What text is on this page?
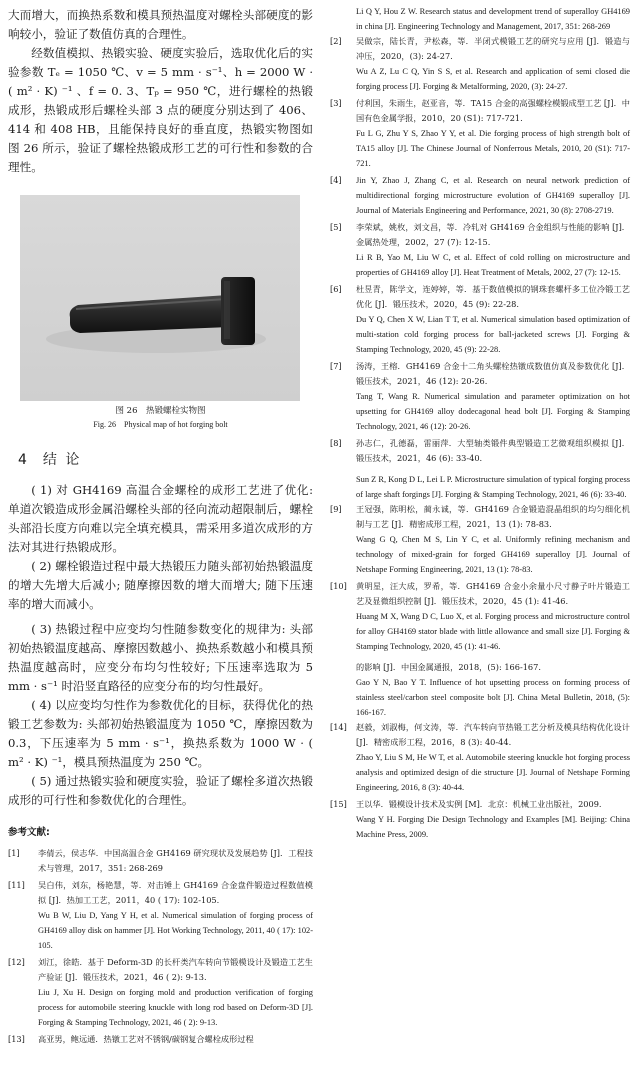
大而增大，而换热系数和模具预热温度对螺栓头部硬度的影响较小，验证了数值仿真的合理性。

经数值模拟、热锻实验、硬度实验后，选取优化后的实验参数 Tₑ = 1050 ℃、v = 5 mm · s⁻¹、h = 2000 W · ( m² · K) ⁻¹ 、f = 0. 3、Tₚ = 950 ℃，进行螺栓的热锻成形，热锻成形后螺栓头部 3 点的硬度分别达到了 406、414 和 408 HB，且能保持良好的垂直度，热锻实物图如图 26 所示，验证了螺栓热锻成形工艺的可行性和参数的合理性。

图 26　热锻螺栓实物图
Fig. 26　Physical map of hot forging bolt
4 结 论

( 1) 对 GH4169 高温合金螺栓的成形工艺进了优化: 单道次锻造成形金属沿螺栓头部的径向流动超限制后，螺栓头部沿长度方向难以完全填充模具，需采用多道次成形的方法对其进行热锻成形。

( 2) 螺栓锻造过程中最大热锻压力随头部初始热锻温度的增大先增大后减小; 随摩擦因数的增大而增大; 随下压速率的增大而减小。

( 3) 热锻过程中应变均匀性随参数变化的规律为: 头部初始热锻温度越高、摩擦因数越小、换热系数越小和模具预热温度越高时，应变分布均匀性较好; 下压速率选取为 5 mm · s⁻¹ 时沿竖直路径的应变分布的均匀性最好。

( 4) 以应变均匀性作为参数优化的目标，获得优化的热锻工艺参数为: 头部初始热锻温度为 1050 ℃，摩擦因数为 0.3，下压速率为 5 mm · s⁻¹，换热系数为 1000 W · ( m² · K) ⁻¹，模具预热温度为 250 ℃。

( 5) 通过热锻实验和硬度实验，验证了螺栓多道次热锻成形的可行性和参数优化的合理性。

参考文献:
[1] 李倩云，侯志华．中国高温合金 GH4169 研究现状及发展趋势 [J]．工程技术与管理，2017，351: 268-269

[11] 吴白伟，刘东，杨艳慧，等．对击锤上 GH4169 合金盘件锻造过程数值模拟 [J]．热加工工艺，2011，40 ( 17): 102-105.

Wu B W, Liu D, Yang Y H, et al. Numerical simulation of forging process of GH4169 alloy disk on hammer [J]. Hot Working Technology, 2011, 40 ( 17): 102-105.

[12] 刘江，徐皓．基于 Deform-3D 的长杆类汽车转向节锻模设计及锻造工艺生产验证 [J]．锻压技术，2021，46 ( 2): 9-13.

Liu J, Xu H. Design on forging mold and production verification of forging process for automobile steering knuckle with long rod based on Deform-3D [J]. Forging & Stamping Technology, 2021, 46 ( 2): 9-13.

[13] 高亚男，鲍远通．热镦工艺对不锈钢/碳钢复合螺栓成形过程

Li Q Y, Hou Z W. Research status and development trend of superalloy GH4169 in china [J]. Engineering Technology and Management, 2017, 351: 268-269

[2] 吴做宗，陆长青，尹松森，等．半闭式模锻工艺的研究与应用 [J]．锻造与冲压，2020，(3): 24-27.

Wu A Z, Lu C Q, Yin S S, et al. Research and application of semi closed die forging process [J]. Forging & Metalforming, 2020, (3): 24-27.

[3] 付利国，朱雨生，赵亚音，等．TA15 合金的高强螺栓模锻成型工艺 [J]．中国有色金属学报，2010，20 (S1): 717-721.

Fu L G, Zhu Y S, Zhao Y Y, et al. Die forging process of high strength bolt of TA15 alloy [J]. The Chinese Journal of Nonferrous Metals, 2010, 20 (S1): 717-721.

[4] Jin Y, Zhao J, Zhang C, et al. Research on neural network prediction of multidirectional forging microstructure evolution of GH4169 superalloy [J]. Journal of Materials Engineering and Performance, 2021, 30 (8): 2708-2719.

[5] 李荣斌，姚枚，刘文昌，等．冷轧对 GH4169 合金组织与性能的影响 [J]．金属热处理，2002，27 (7): 12-15.

Li R B, Yao M, Liu W C, et al. Effect of cold rolling on microstructure and properties of GH4169 alloy [J]. Heat Treatment of Metals, 2002, 27 (7): 12-15.

[6] 杜昱青，陈学文，连婷婷，等．基于数值模拟的钢珠套螺杆多工位冷锻工艺优化 [J]．锻压技术，2020，45 (9): 22-28.

Du Y Q, Chen X W, Lian T T, et al. Numerical simulation based optimization of multi-station cold forging process for ball-jacketed screws [J]. Forging & Stamping Technology, 2020, 45 (9): 22-28.

[7] 汤涛，王榕．GH4169 合金十二角头螺栓热镦成数值仿真及参数优化 [J]．锻压技术，2021，46 (12): 20-26.

Tang T, Wang R. Numerical simulation and parameter optimization on hot upsetting for GH4169 alloy dodecagonal head bolt [J]. Forging & Stamping Technology, 2021, 46 (12): 20-26.

[8] 孙志仁，孔德磊，雷丽萍．大型轴类锻件典型锻造工艺微观组织模拟 [J]．锻压技术，2021，46 (6): 33-40.

Sun Z R, Kong D L, Lei L P. Microstructure simulation of typical forging process of large shaft forgings [J]. Forging & Stamping Technology, 2021, 46 (6): 33-40.

[9] 王冠强，陈明松，蔺永诚，等．GH4169 合金锻造混晶组织的均匀细化机制与工艺 [J]．精密成形工程，2021，13 (1): 78-83.

Wang G Q, Chen M S, Lin Y C, et al. Uniformly refining mechanism and technology of mixed-grain for forged GH4169 superalloy [J]. Journal of Netshape Forming Engineering, 2021, 13 (1): 78-83.

[10] 黄明星，汪大成，罗希，等．GH4169 合金小余量小尺寸静子叶片锻造工艺及显微组织控制 [J]．锻压技术，2020，45 (1): 41-46.

Huang M X, Wang D C, Luo X, et al. Forging process and microstructure control for alloy GH4169 stator blade with little allowance and small size [J]. Forging & Stamping Technology, 2020, 45 (1): 41-46.

的影响 [J]．中国金属通报，2018，(5): 166-167.

Gao Y N, Bao Y T. Influence of hot upsetting process on forming process of stainless steel/carbon steel composite bolt [J]. China Metal Bulletin, 2018, (5): 166-167.

[14] 赵毅，刘淑梅，何文涛，等．汽车转向节热锻工艺分析及模具结构优化设计 [J]．精密成形工程，2016，8 (3): 40-44.

Zhao Y, Liu S M, He W T, et al. Automobile steering knuckle hot forging process analysis and optimized design of die structure [J]. Journal of Netshape Forming Engineering, 2016, 8 (3): 40-44.

[15] 王以华．锻模设计技术及实例 [M]．北京：机械工业出版社，2009.

Wang Y H. Forging Die Design Technology and Examples [M]. Beijing: China Machine Press, 2009.
